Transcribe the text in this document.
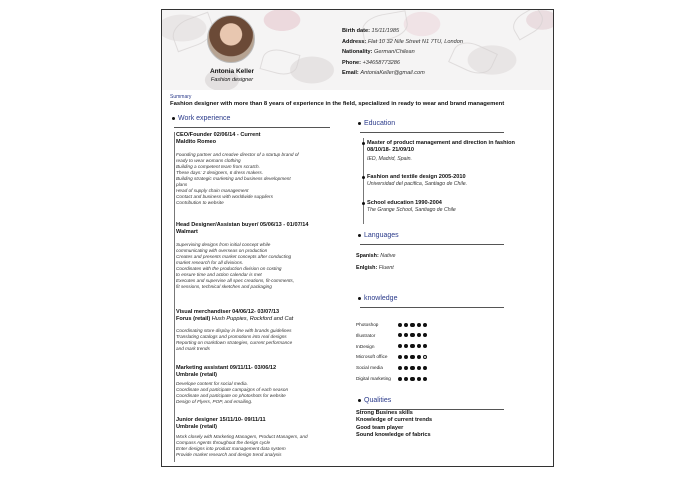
Antonia Keller
Fashion designer
Birth date: 15/11/1985
Address: Flat 10 32 Nile Street N1 7TU, London
Nationality: German/Chilean
Phone: +34658773286
Email: AntoniaKeller@gmail.com
Summary
Fashion designer with more than 8 years of experience in the field, specialized in ready to wear and brand management
Work experience
CEO/Founder 02/06/14 - Current
Maldito Romeo
Founding partner and creative director of a startup brand of
ready to wear womans clothing
Building a competent team from scratch.
These days: 2 designers, 6 dress makers.
Building strategic marketing and business development
plans
Head of supply chain management
Contact and business with worldwide suppliers
Contribution to website
Head Designer/Assistan buyer/ 05/06/13 - 01/07/14
Walmart
Supervising designs from initial concept while
communicating with overseas on production
Creates and presents market concepts after conducting
market research for all divisions.
Coordinates with the production division on costing
to ensure time and action calendar is met
Executes and supervise all spec creations, fit-comments,
fit sessions, technical sketches and packaging
Visual merchandiser 04/06/12- 03/07/13
Forus (retail) Hush Puppies, Rockford and Cat
Coordinating store display in line with brands guidelines
Translating catalogs and promotions into real designs
Reporting on markdown strategies, current performance
and mark trends
Marketing assistant 09/11/11- 03/06/12
Umbrale (retail)
Develope content for social media.
Coordinate and participate campaigns of each season
Coordinate and participate on photoshots for website
Design of Flyers, POP, and emailing.
Junior designer 15/11/10- 09/11/11
Umbrale (retail)
Work closely with Marketing Managers, Product Managers, and
Compass Agents throughout the design cycle
Enter designs into product management data system
Provide market research and design trend analysis
Education
Master of product management and direction in fashion 08/10/18- 21/09/10
IED, Madrid, Spain.
Fashion and textile design 2005-2010
Universidad del pacifica, Santiago de Chile.
School education 1990-2004
The Grange School, Santiago de Chile
Languages
Spanish: Native
Enlgish: Fluent
knowledge
Photoshop
Illustrator
InDesign
Microsoft office
Social media
Digital marketing
Qualities
Strong Busines skills
Knowledge of current trends
Good team player
Sound knowledge of fabrics
